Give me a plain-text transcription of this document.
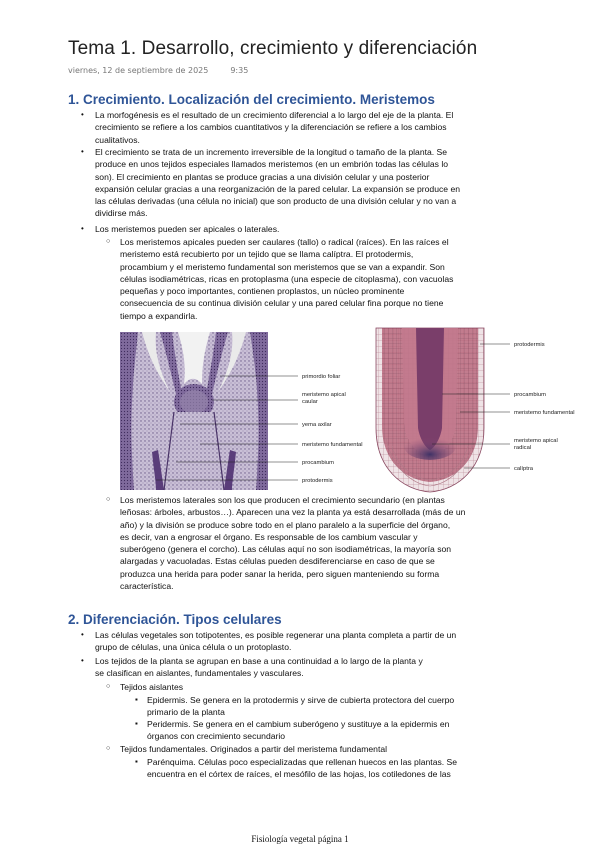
Tema 1. Desarrollo, crecimiento y diferenciación
viernes, 12 de septiembre de 2025	9:35
1. Crecimiento. Localización del crecimiento. Meristemos
• La morfogénesis es el resultado de un crecimiento diferencial a lo largo del eje de la planta. El
crecimiento se refiere a los cambios cuantitativos y la diferenciación se refiere a los cambios
cualitativos.
• El crecimiento se trata de un incremento irreversible de la longitud o tamaño de la planta. Se
produce en unos tejidos especiales llamados meristemos (en un embrión todas las células lo
son). El crecimiento en plantas se produce gracias a una división celular y una posterior
expansión celular gracias a una reorganización de la pared celular. La expansión se produce en
las células derivadas (una célula no inicial) que son producto de una división celular y no van a
dividirse más.
• Los meristemos pueden ser apicales o laterales.
○ Los meristemos apicales pueden ser caulares (tallo) o radical (raíces). En las raíces el
meristemo está recubierto por un tejido que se llama calíptra. El protodermis,
procambium y el meristemo fundamental son meristemos que se van a expandir. Son
células isodiamétricas, ricas en protoplasma (una especie de citoplasma), con vacuolas
pequeñas y poco importantes, contienen proplastos, un núcleo prominente
consecuencia de su continua división celular y una pared celular fina porque no tiene
tiempo a expandirla.
primordio foliar
meristemo apical
caular
yema axilar
meristemo fundamental
procambium
protodermis
protodermis
procambium
meristemo fundamental
meristemo apical
radical
calíptra
○ Los meristemos laterales son los que producen el crecimiento secundario (en plantas
leñosas: árboles, arbustos…). Aparecen una vez la planta ya está desarrollada (más de un
año) y la división se produce sobre todo en el plano paralelo a la superficie del órgano,
es decir, van a engrosar el órgano. Es responsable de los cambium vascular y
suberógeno (genera el corcho). Las células aquí no son isodiamétricas, la mayoría son
alargadas y vacuoladas. Estas células pueden desdiferenciarse en caso de que se
produzca una herida para poder sanar la herida, pero siguen manteniendo su forma
característica.
2. Diferenciación. Tipos celulares
• Las células vegetales son totipotentes, es posible regenerar una planta completa a partir de un
grupo de células, una única célula o un protoplasto.
• Los tejidos de la planta se agrupan en base a una continuidad a lo largo de la planta y
se clasifican en aislantes, fundamentales y vasculares.
○ Tejidos aislantes
▪ Epidermis. Se genera en la protodermis y sirve de cubierta protectora del cuerpo
primario de la planta
▪ Peridermis. Se genera en el cambium suberógeno y sustituye a la epidermis en
órganos con crecimiento secundario
○ Tejidos fundamentales. Originados a partir del meristema fundamental
▪ Parénquima. Células poco especializadas que rellenan huecos en las plantas. Se
encuentra en el córtex de raíces, el mesófilo de las hojas, los cotiledones de las
Fisiología vegetal página 1
